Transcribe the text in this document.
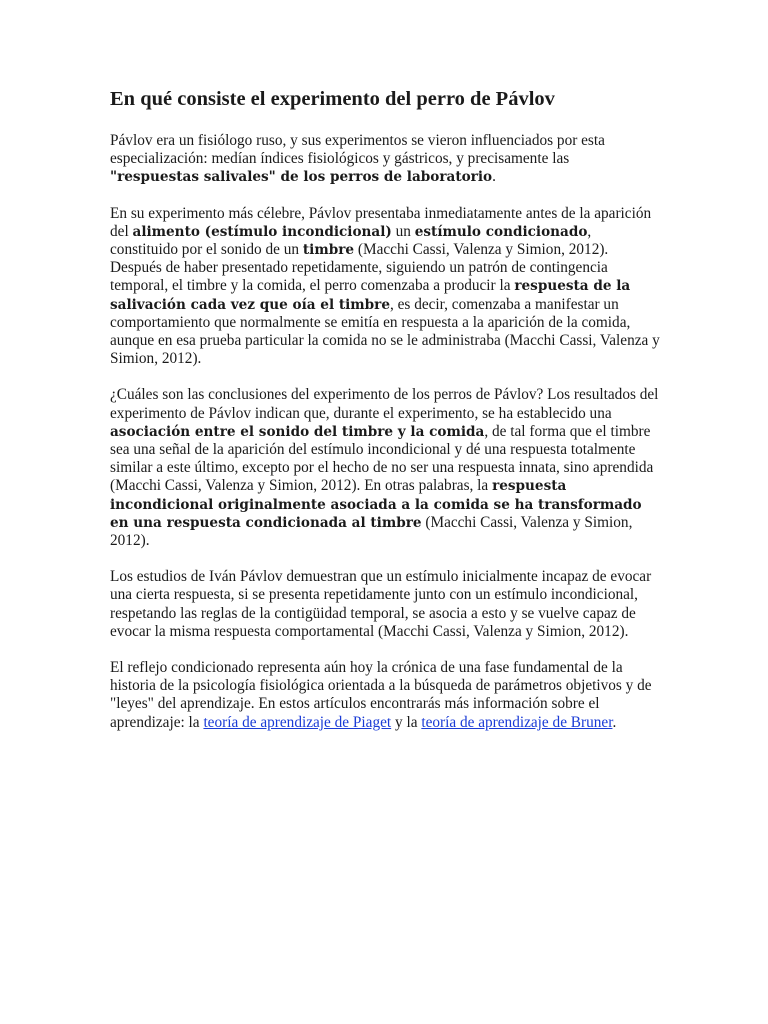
En qué consiste el experimento del perro de Pávlov

Pávlov era un fisiólogo ruso, y sus experimentos se vieron influenciados por esta especialización: medían índices fisiológicos y gástricos, y precisamente las "respuestas salivales" de los perros de laboratorio.

En su experimento más célebre, Pávlov presentaba inmediatamente antes de la aparición del alimento (estímulo incondicional) un estímulo condicionado, constituido por el sonido de un timbre (Macchi Cassi, Valenza y Simion, 2012). Después de haber presentado repetidamente, siguiendo un patrón de contingencia temporal, el timbre y la comida, el perro comenzaba a producir la respuesta de la salivación cada vez que oía el timbre, es decir, comenzaba a manifestar un comportamiento que normalmente se emitía en respuesta a la aparición de la comida, aunque en esa prueba particular la comida no se le administraba (Macchi Cassi, Valenza y Simion, 2012).

¿Cuáles son las conclusiones del experimento de los perros de Pávlov? Los resultados del experimento de Pávlov indican que, durante el experimento, se ha establecido una asociación entre el sonido del timbre y la comida, de tal forma que el timbre sea una señal de la aparición del estímulo incondicional y dé una respuesta totalmente similar a este último, excepto por el hecho de no ser una respuesta innata, sino aprendida (Macchi Cassi, Valenza y Simion, 2012). En otras palabras, la respuesta incondicional originalmente asociada a la comida se ha transformado en una respuesta condicionada al timbre (Macchi Cassi, Valenza y Simion, 2012).

Los estudios de Iván Pávlov demuestran que un estímulo inicialmente incapaz de evocar una cierta respuesta, si se presenta repetidamente junto con un estímulo incondicional, respetando las reglas de la contigüidad temporal, se asocia a esto y se vuelve capaz de evocar la misma respuesta comportamental (Macchi Cassi, Valenza y Simion, 2012).

El reflejo condicionado representa aún hoy la crónica de una fase fundamental de la historia de la psicología fisiológica orientada a la búsqueda de parámetros objetivos y de "leyes" del aprendizaje. En estos artículos encontrarás más información sobre el aprendizaje: la teoría de aprendizaje de Piaget y la teoría de aprendizaje de Bruner.
